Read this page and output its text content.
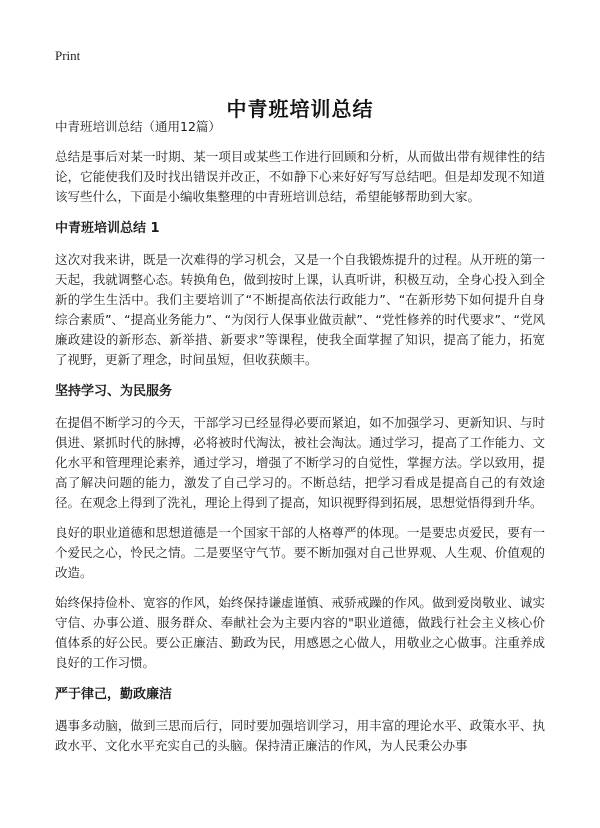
Print
中青班培训总结
中青班培训总结（通用12篇）

总结是事后对某一时期、某一项目或某些工作进行回顾和分析，从而做出带有规律性的结论，它能使我们及时找出错误并改正，不如静下心来好好写写总结吧。但是却发现不知道该写些什么，下面是小编收集整理的中青班培训总结，希望能够帮助到大家。

中青班培训总结 1

这次对我来讲，既是一次难得的学习机会，又是一个自我锻炼提升的过程。从开班的第一天起，我就调整心态。转换角色，做到按时上课，认真听讲，积极互动，全身心投入到全新的学生生活中。我们主要培训了“不断提高依法行政能力”、“在新形势下如何提升自身综合素质”、“提高业务能力”、“为闵行人保事业做贡献”、“党性修养的时代要求”、“党风廉政建设的新形态、新举措、新要求”等课程，使我全面掌握了知识，提高了能力，拓宽了视野，更新了理念，时间虽短，但收获颇丰。

坚持学习、为民服务

在提倡不断学习的今天，干部学习已经显得必要而紧迫，如不加强学习、更新知识、与时俱进、紧抓时代的脉搏，必将被时代淘汰，被社会淘汰。通过学习，提高了工作能力、文化水平和管理理论素养，通过学习，增强了不断学习的自觉性，掌握方法。学以致用，提高了解决问题的能力，激发了自己学习的。不断总结，把学习看成是提高自己的有效途径。在观念上得到了洗礼，理论上得到了提高，知识视野得到拓展，思想觉悟得到升华。

良好的职业道德和思想道德是一个国家干部的人格尊严的体现。一是要忠贞爱民，要有一个爱民之心，怜民之情。二是要坚守气节。要不断加强对自己世界观、人生观、价值观的改造。

始终保持俭朴、宽容的作风，始终保持谦虚谨慎、戒骄戒躁的作风。做到爱岗敬业、诚实守信、办事公道、服务群众、奉献社会为主要内容的"职业道德，做践行社会主义核心价值体系的好公民。要公正廉洁、勤政为民，用感恩之心做人，用敬业之心做事。注重养成良好的工作习惯。

严于律己，勤政廉洁

遇事多动脑，做到三思而后行，同时要加强培训学习，用丰富的理论水平、政策水平、执政水平、文化水平充实自己的头脑。保持清正廉洁的作风，为人民秉公办事
